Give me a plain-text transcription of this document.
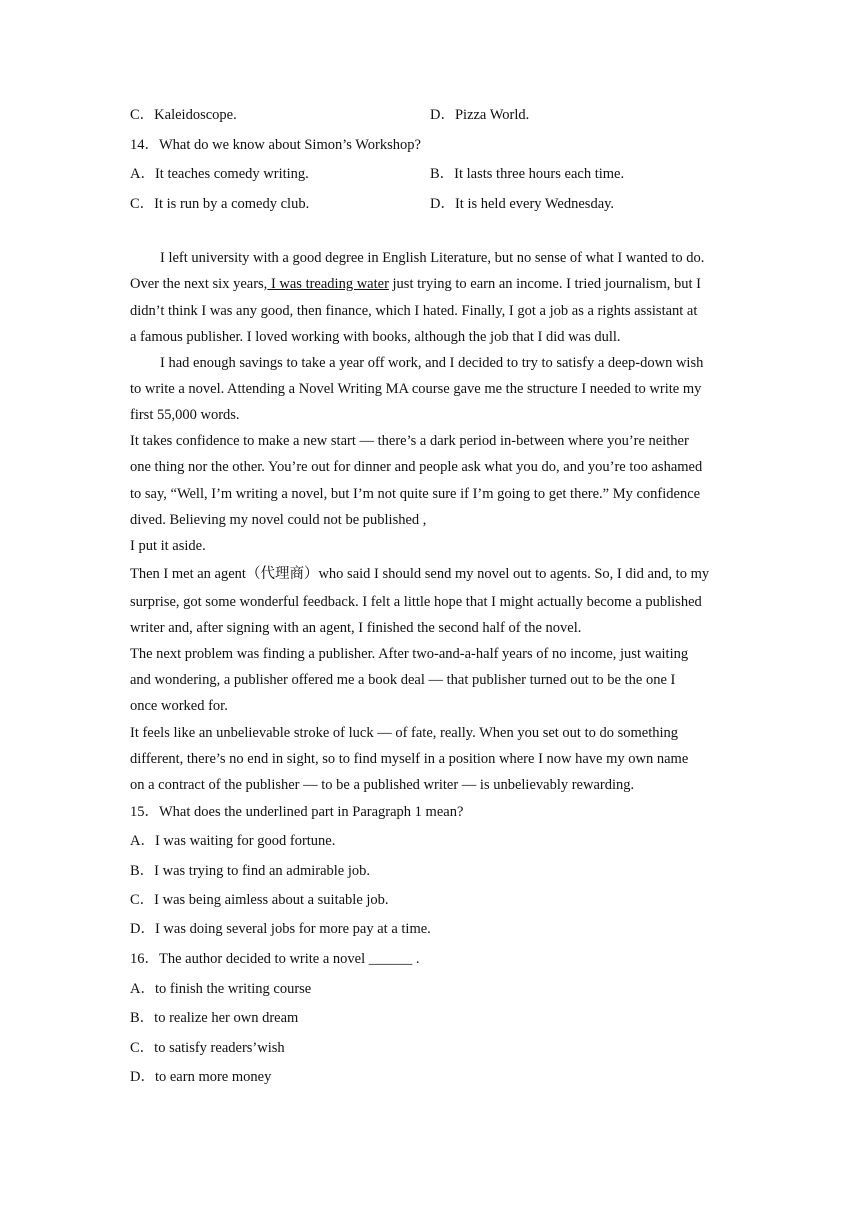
C．Kaleidoscope.	D．Pizza World.
14．What do we know about Simon’s Workshop?
A．It teaches comedy writing.	B．It lasts three hours each time.
C．It is run by a comedy club.	D．It is held every Wednesday.
I left university with a good degree in English Literature, but no sense of what I wanted to do.
Over the next six years, I was treading water just trying to earn an income. I tried journalism, but I
didn’t think I was any good, then finance, which I hated. Finally, I got a job as a rights assistant at
a famous publisher. I loved working with books, although the job that I did was dull.
I had enough savings to take a year off work, and I decided to try to satisfy a deep-down wish
to write a novel. Attending a Novel Writing MA course gave me the structure I needed to write my
first 55,000 words.
It takes confidence to make a new start — there’s a dark period in-between where you’re neither
one thing nor the other. You’re out for dinner and people ask what you do, and you’re too ashamed
to say, “Well, I’m writing a novel, but I’m not quite sure if I’m going to get there.” My confidence
dived. Believing my novel could not be published ,
I put it aside.
Then I met an agent（代理商）who said I should send my novel out to agents. So, I did and, to my
surprise, got some wonderful feedback. I felt a little hope that I might actually become a published
writer and, after signing with an agent, I finished the second half of the novel.
The next problem was finding a publisher. After two-and-a-half years of no income, just waiting
and wondering, a publisher offered me a book deal — that publisher turned out to be the one I
once worked for.
It feels like an unbelievable stroke of luck — of fate, really. When you set out to do something
different, there’s no end in sight, so to find myself in a position where I now have my own name
on a contract of the publisher — to be a published writer — is unbelievably rewarding.
15．What does the underlined part in Paragraph 1 mean?
A．I was waiting for good fortune.
B．I was trying to find an admirable job.
C．I was being aimless about a suitable job.
D．I was doing several jobs for more pay at a time.
16．The author decided to write a novel ______ .
A．to finish the writing course
B．to realize her own dream
C．to satisfy readers’wish
D．to earn more money
